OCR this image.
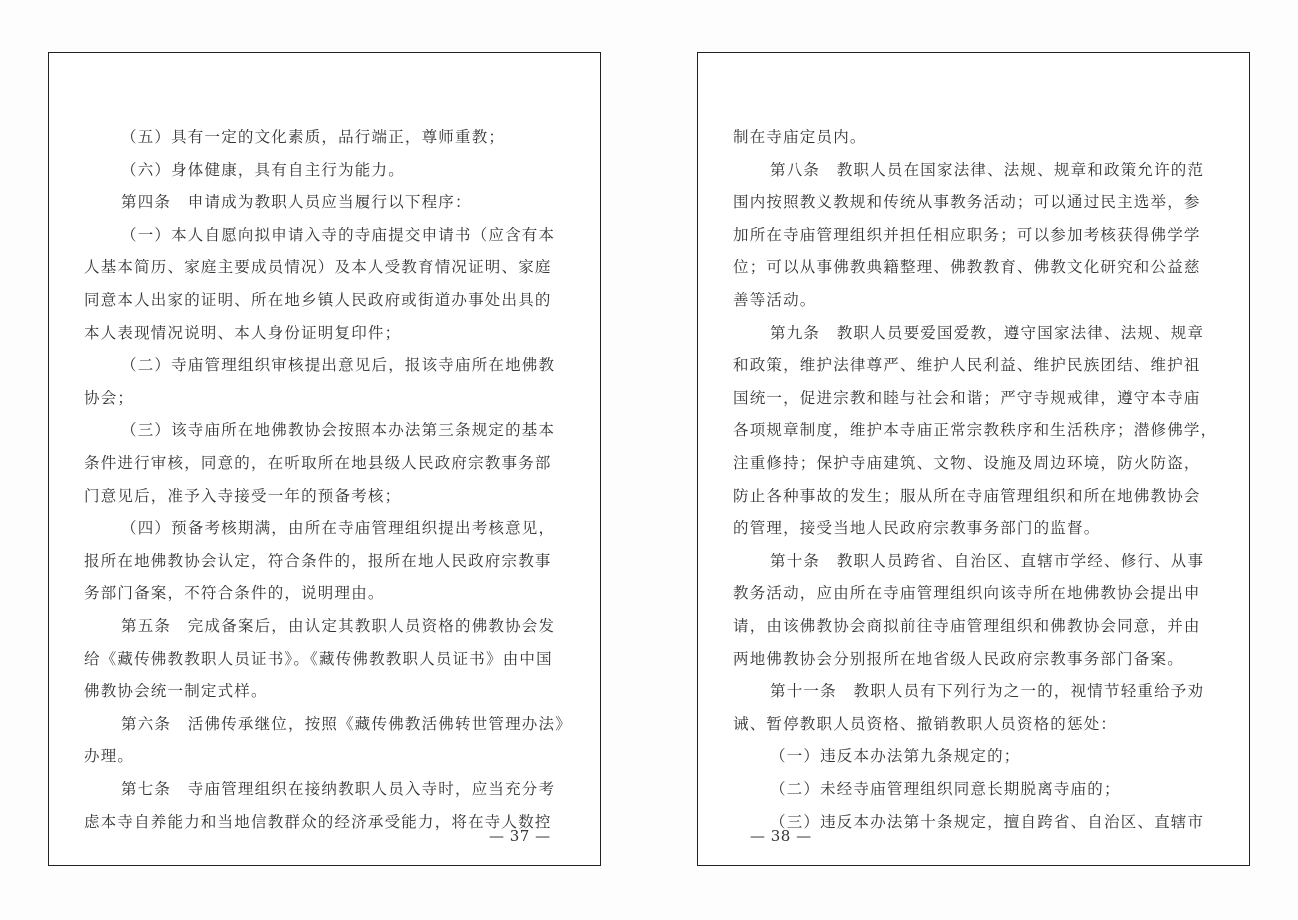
（五）具有一定的文化素质，品行端正，尊师重教；
（六）身体健康，具有自主行为能力。
第四条　申请成为教职人员应当履行以下程序：
（一）本人自愿向拟申请入寺的寺庙提交申请书（应含有本
人基本简历、家庭主要成员情况）及本人受教育情况证明、家庭
同意本人出家的证明、所在地乡镇人民政府或街道办事处出具的
本人表现情况说明、本人身份证明复印件；
（二）寺庙管理组织审核提出意见后，报该寺庙所在地佛教
协会；
（三）该寺庙所在地佛教协会按照本办法第三条规定的基本
条件进行审核，同意的，在听取所在地县级人民政府宗教事务部
门意见后，准予入寺接受一年的预备考核；
（四）预备考核期满，由所在寺庙管理组织提出考核意见，
报所在地佛教协会认定，符合条件的，报所在地人民政府宗教事
务部门备案，不符合条件的，说明理由。
第五条　完成备案后，由认定其教职人员资格的佛教协会发
给《藏传佛教教职人员证书》。《藏传佛教教职人员证书》由中国
佛教协会统一制定式样。
第六条　活佛传承继位，按照《藏传佛教活佛转世管理办法》
办理。
第七条　寺庙管理组织在接纳教职人员入寺时，应当充分考
虑本寺自养能力和当地信教群众的经济承受能力，将在寺人数控
— 37 —
制在寺庙定员内。
第八条　教职人员在国家法律、法规、规章和政策允许的范
围内按照教义教规和传统从事教务活动；可以通过民主选举，参
加所在寺庙管理组织并担任相应职务；可以参加考核获得佛学学
位；可以从事佛教典籍整理、佛教教育、佛教文化研究和公益慈
善等活动。
第九条　教职人员要爱国爱教，遵守国家法律、法规、规章
和政策，维护法律尊严、维护人民利益、维护民族团结、维护祖
国统一，促进宗教和睦与社会和谐；严守寺规戒律，遵守本寺庙
各项规章制度，维护本寺庙正常宗教秩序和生活秩序；潜修佛学，
注重修持；保护寺庙建筑、文物、设施及周边环境，防火防盗，
防止各种事故的发生；服从所在寺庙管理组织和所在地佛教协会
的管理，接受当地人民政府宗教事务部门的监督。
第十条　教职人员跨省、自治区、直辖市学经、修行、从事
教务活动，应由所在寺庙管理组织向该寺所在地佛教协会提出申
请，由该佛教协会商拟前往寺庙管理组织和佛教协会同意，并由
两地佛教协会分别报所在地省级人民政府宗教事务部门备案。
第十一条　教职人员有下列行为之一的，视情节轻重给予劝
诫、暂停教职人员资格、撤销教职人员资格的惩处：
（一）违反本办法第九条规定的；
（二）未经寺庙管理组织同意长期脱离寺庙的；
（三）违反本办法第十条规定，擅自跨省、自治区、直辖市
— 38 —
